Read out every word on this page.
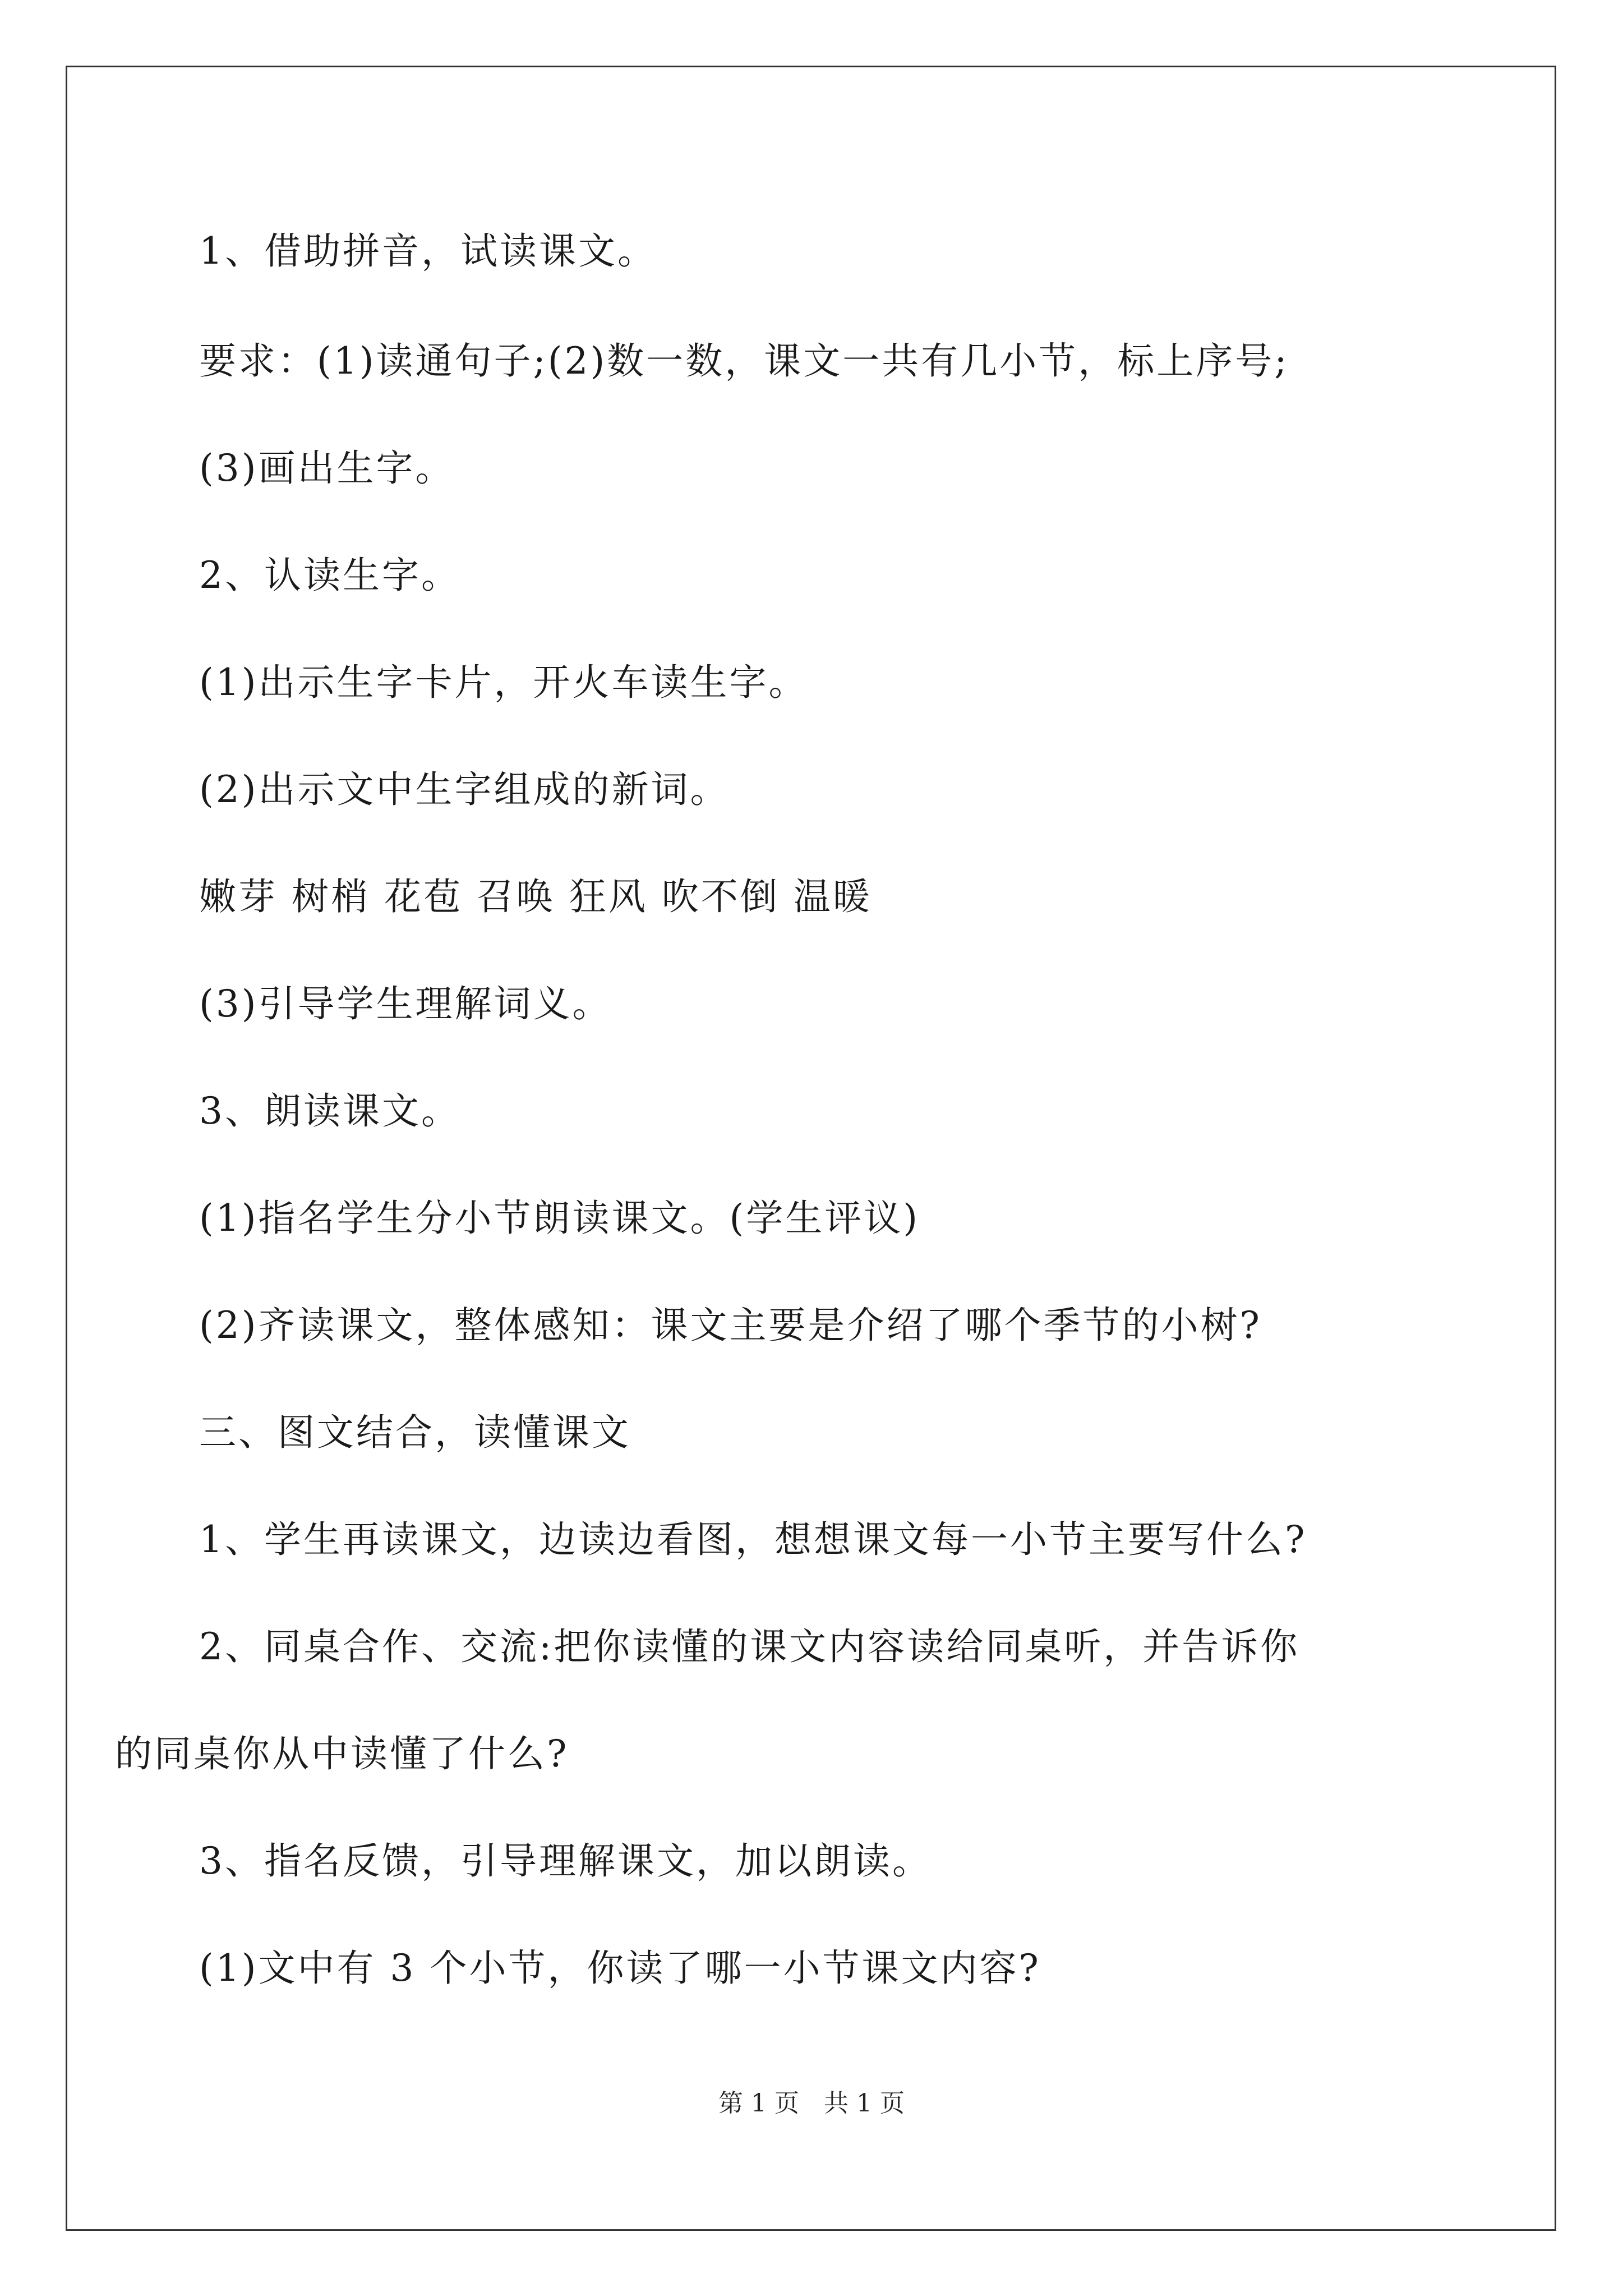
1、借助拼音，试读课文。
要求：(1)读通句子;(2)数一数，课文一共有几小节，标上序号;
(3)画出生字。
2、认读生字。
(1)出示生字卡片，开火车读生字。
(2)出示文中生字组成的新词。
嫩芽 树梢 花苞 召唤 狂风 吹不倒 温暖
(3)引导学生理解词义。
3、朗读课文。
(1)指名学生分小节朗读课文。(学生评议)
(2)齐读课文，整体感知：课文主要是介绍了哪个季节的小树?
三、图文结合，读懂课文
1、学生再读课文，边读边看图，想想课文每一小节主要写什么?
2、同桌合作、交流:把你读懂的课文内容读给同桌听，并告诉你
的同桌你从中读懂了什么?
3、指名反馈，引导理解课文，加以朗读。
(1)文中有 3 个小节，你读了哪一小节课文内容?
第 1 页　共 1 页
